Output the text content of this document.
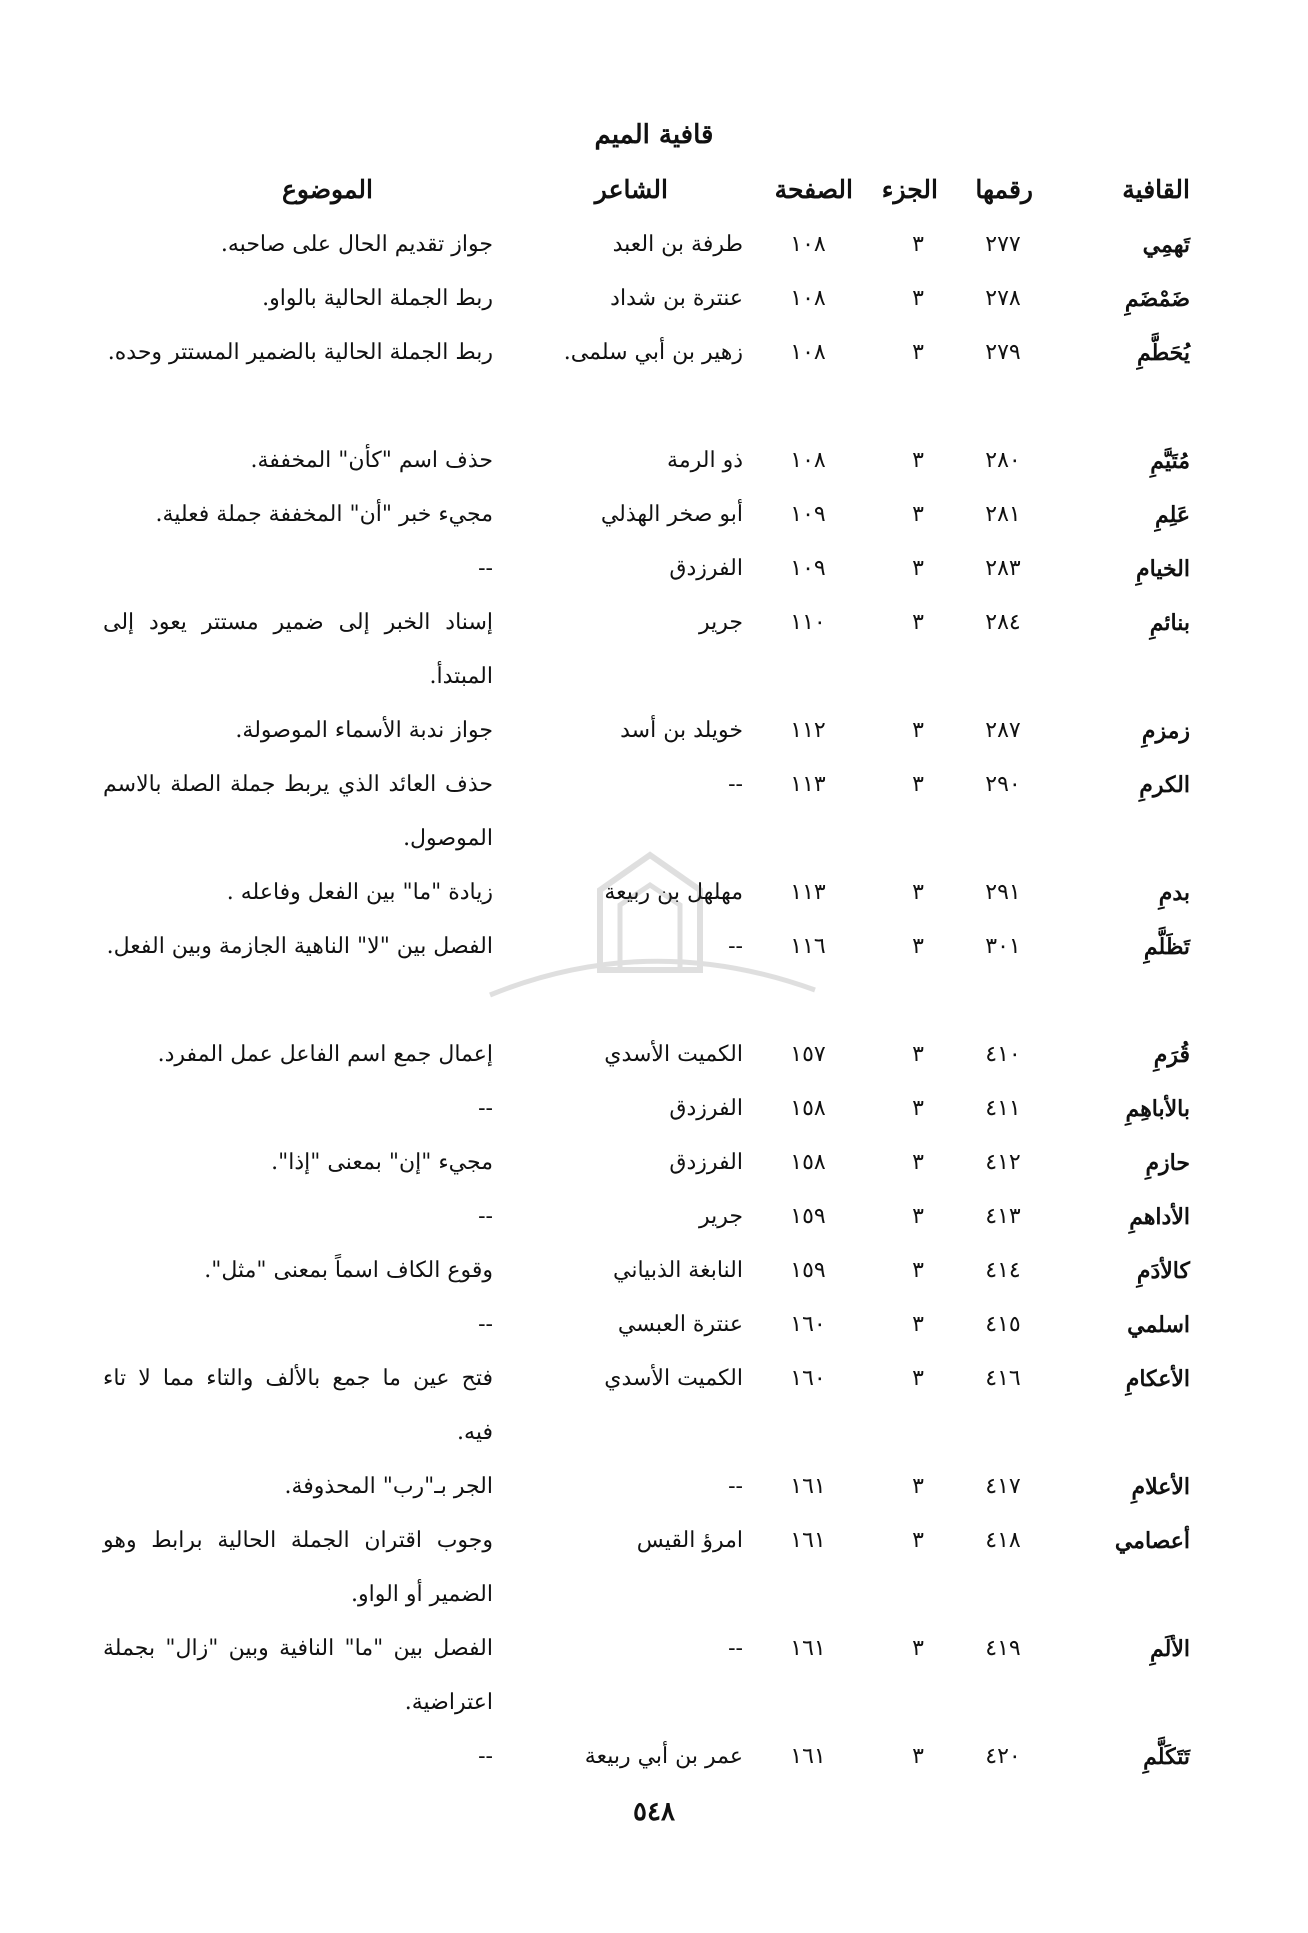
قافية الميم
القافية
رقمها
الجزء
الصفحة
الشاعر
الموضوع
تَهمِي
٢٧٧
٣
١٠٨
طرفة بن العبد
جواز تقديم الحال على صاحبه.
ضَمْضَمِ
٢٧٨
٣
١٠٨
عنترة بن شداد
ربط الجملة الحالية بالواو.
يُحَطَّمِ
٢٧٩
٣
١٠٨
زهير بن أبي سلمى.
ربط الجملة الحالية بالضمير المستتر وحده.
مُتَيَّمِ
٢٨٠
٣
١٠٨
ذو الرمة
حذف اسم "كأن" المخففة.
عَلِمِ
٢٨١
٣
١٠٩
أبو صخر الهذلي
مجيء خبر "أن" المخففة جملة فعلية.
الخيامِ
٢٨٣
٣
١٠٩
الفرزدق
--
بنائمِ
٢٨٤
٣
١١٠
جرير
إسناد الخبر إلى ضمير مستتر يعود إلى المبتدأ.
زمزمِ
٢٨٧
٣
١١٢
خويلد بن أسد
جواز ندبة الأسماء الموصولة.
الكرمِ
٢٩٠
٣
١١٣
--
حذف العائد الذي يربط جملة الصلة بالاسم الموصول.
بدمِ
٢٩١
٣
١١٣
مهلهل بن ربيعة
زيادة "ما" بين الفعل وفاعله .
تَظَلَّمِ
٣٠١
٣
١١٦
--
الفصل بين "لا" الناهية الجازمة وبين الفعل.
قُرَمِ
٤١٠
٣
١٥٧
الكميت الأسدي
إعمال جمع اسم الفاعل عمل المفرد.
بالأباهِمِ
٤١١
٣
١٥٨
الفرزدق
--
حازمِ
٤١٢
٣
١٥٨
الفرزدق
مجيء "إن" بمعنى "إذا".
الأداهمِ
٤١٣
٣
١٥٩
جرير
--
كالأدَمِ
٤١٤
٣
١٥٩
النابغة الذبياني
وقوع الكاف اسماً بمعنى "مثل".
اسلمي
٤١٥
٣
١٦٠
عنترة العبسي
--
الأعكامِ
٤١٦
٣
١٦٠
الكميت الأسدي
فتح عين ما جمع بالألف والتاء مما لا تاء فيه.
الأعلامِ
٤١٧
٣
١٦١
--
الجر بـ"رب" المحذوفة.
أعصامي
٤١٨
٣
١٦١
امرؤ القيس
وجوب اقتران الجملة الحالية برابط وهو الضمير أو الواو.
الألَمِ
٤١٩
٣
١٦١
--
الفصل بين "ما" النافية وبين "زال" بجملة اعتراضية.
تَتَكَلَّمِ
٤٢٠
٣
١٦١
عمر بن أبي ربيعة
--
٥٤٨
